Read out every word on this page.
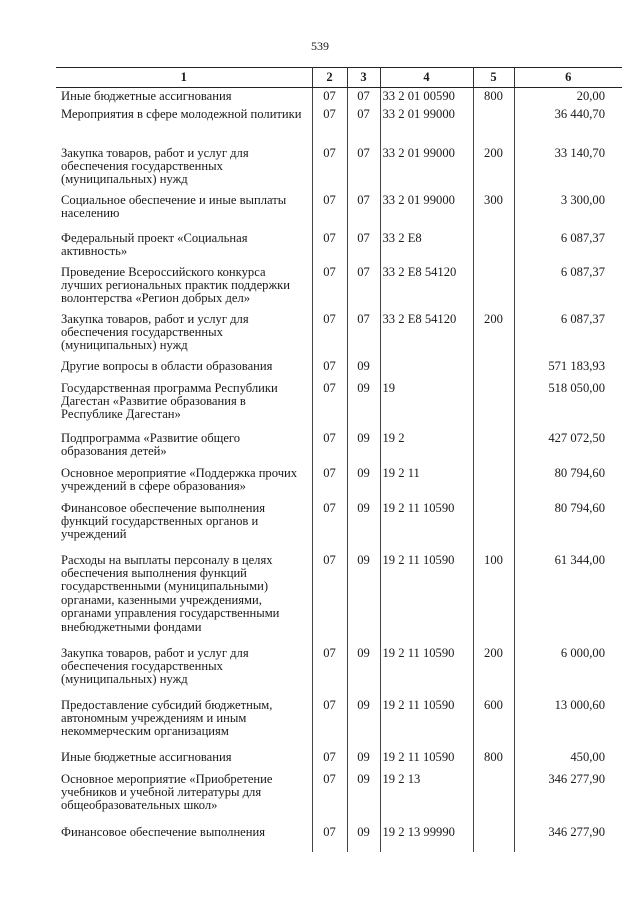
539
1	2	3	4	5	6
Иные бюджетные ассигнования	07	07	33 2 01 00590	800	20,00
Мероприятия в сфере молодежной политики	07	07	33 2 01 99000		36 440,70
Закупка товаров, работ и услуг для обеспечения государственных (муниципальных) нужд	07	07	33 2 01 99000	200	33 140,70
Социальное обеспечение и иные выплаты населению	07	07	33 2 01 99000	300	3 300,00
Федеральный проект «Социальная активность»	07	07	33 2 E8		6 087,37
Проведение Всероссийского конкурса лучших региональных практик поддержки волонтерства «Регион добрых дел»	07	07	33 2 E8 54120		6 087,37
Закупка товаров, работ и услуг для обеспечения государственных (муниципальных) нужд	07	07	33 2 E8 54120	200	6 087,37
Другие вопросы в области образования	07	09			571 183,93
Государственная программа Республики Дагестан «Развитие образования в Республике Дагестан»	07	09	19		518 050,00
Подпрограмма «Развитие общего образования детей»	07	09	19 2		427 072,50
Основное мероприятие «Поддержка прочих учреждений в сфере образования»	07	09	19 2 11		80 794,60
Финансовое обеспечение выполнения функций государственных органов и учреждений	07	09	19 2 11 10590		80 794,60
Расходы на выплаты персоналу в целях обеспечения выполнения функций государственными (муниципальными) органами, казенными учреждениями, органами управления государственными внебюджетными фондами	07	09	19 2 11 10590	100	61 344,00
Закупка товаров, работ и услуг для обеспечения государственных (муниципальных) нужд	07	09	19 2 11 10590	200	6 000,00
Предоставление субсидий бюджетным, автономным учреждениям и иным некоммерческим организациям	07	09	19 2 11 10590	600	13 000,60
Иные бюджетные ассигнования	07	09	19 2 11 10590	800	450,00
Основное мероприятие «Приобретение учебников и учебной литературы для общеобразовательных школ»	07	09	19 2 13		346 277,90
Финансовое обеспечение выполнения	07	09	19 2 13 99990		346 277,90
